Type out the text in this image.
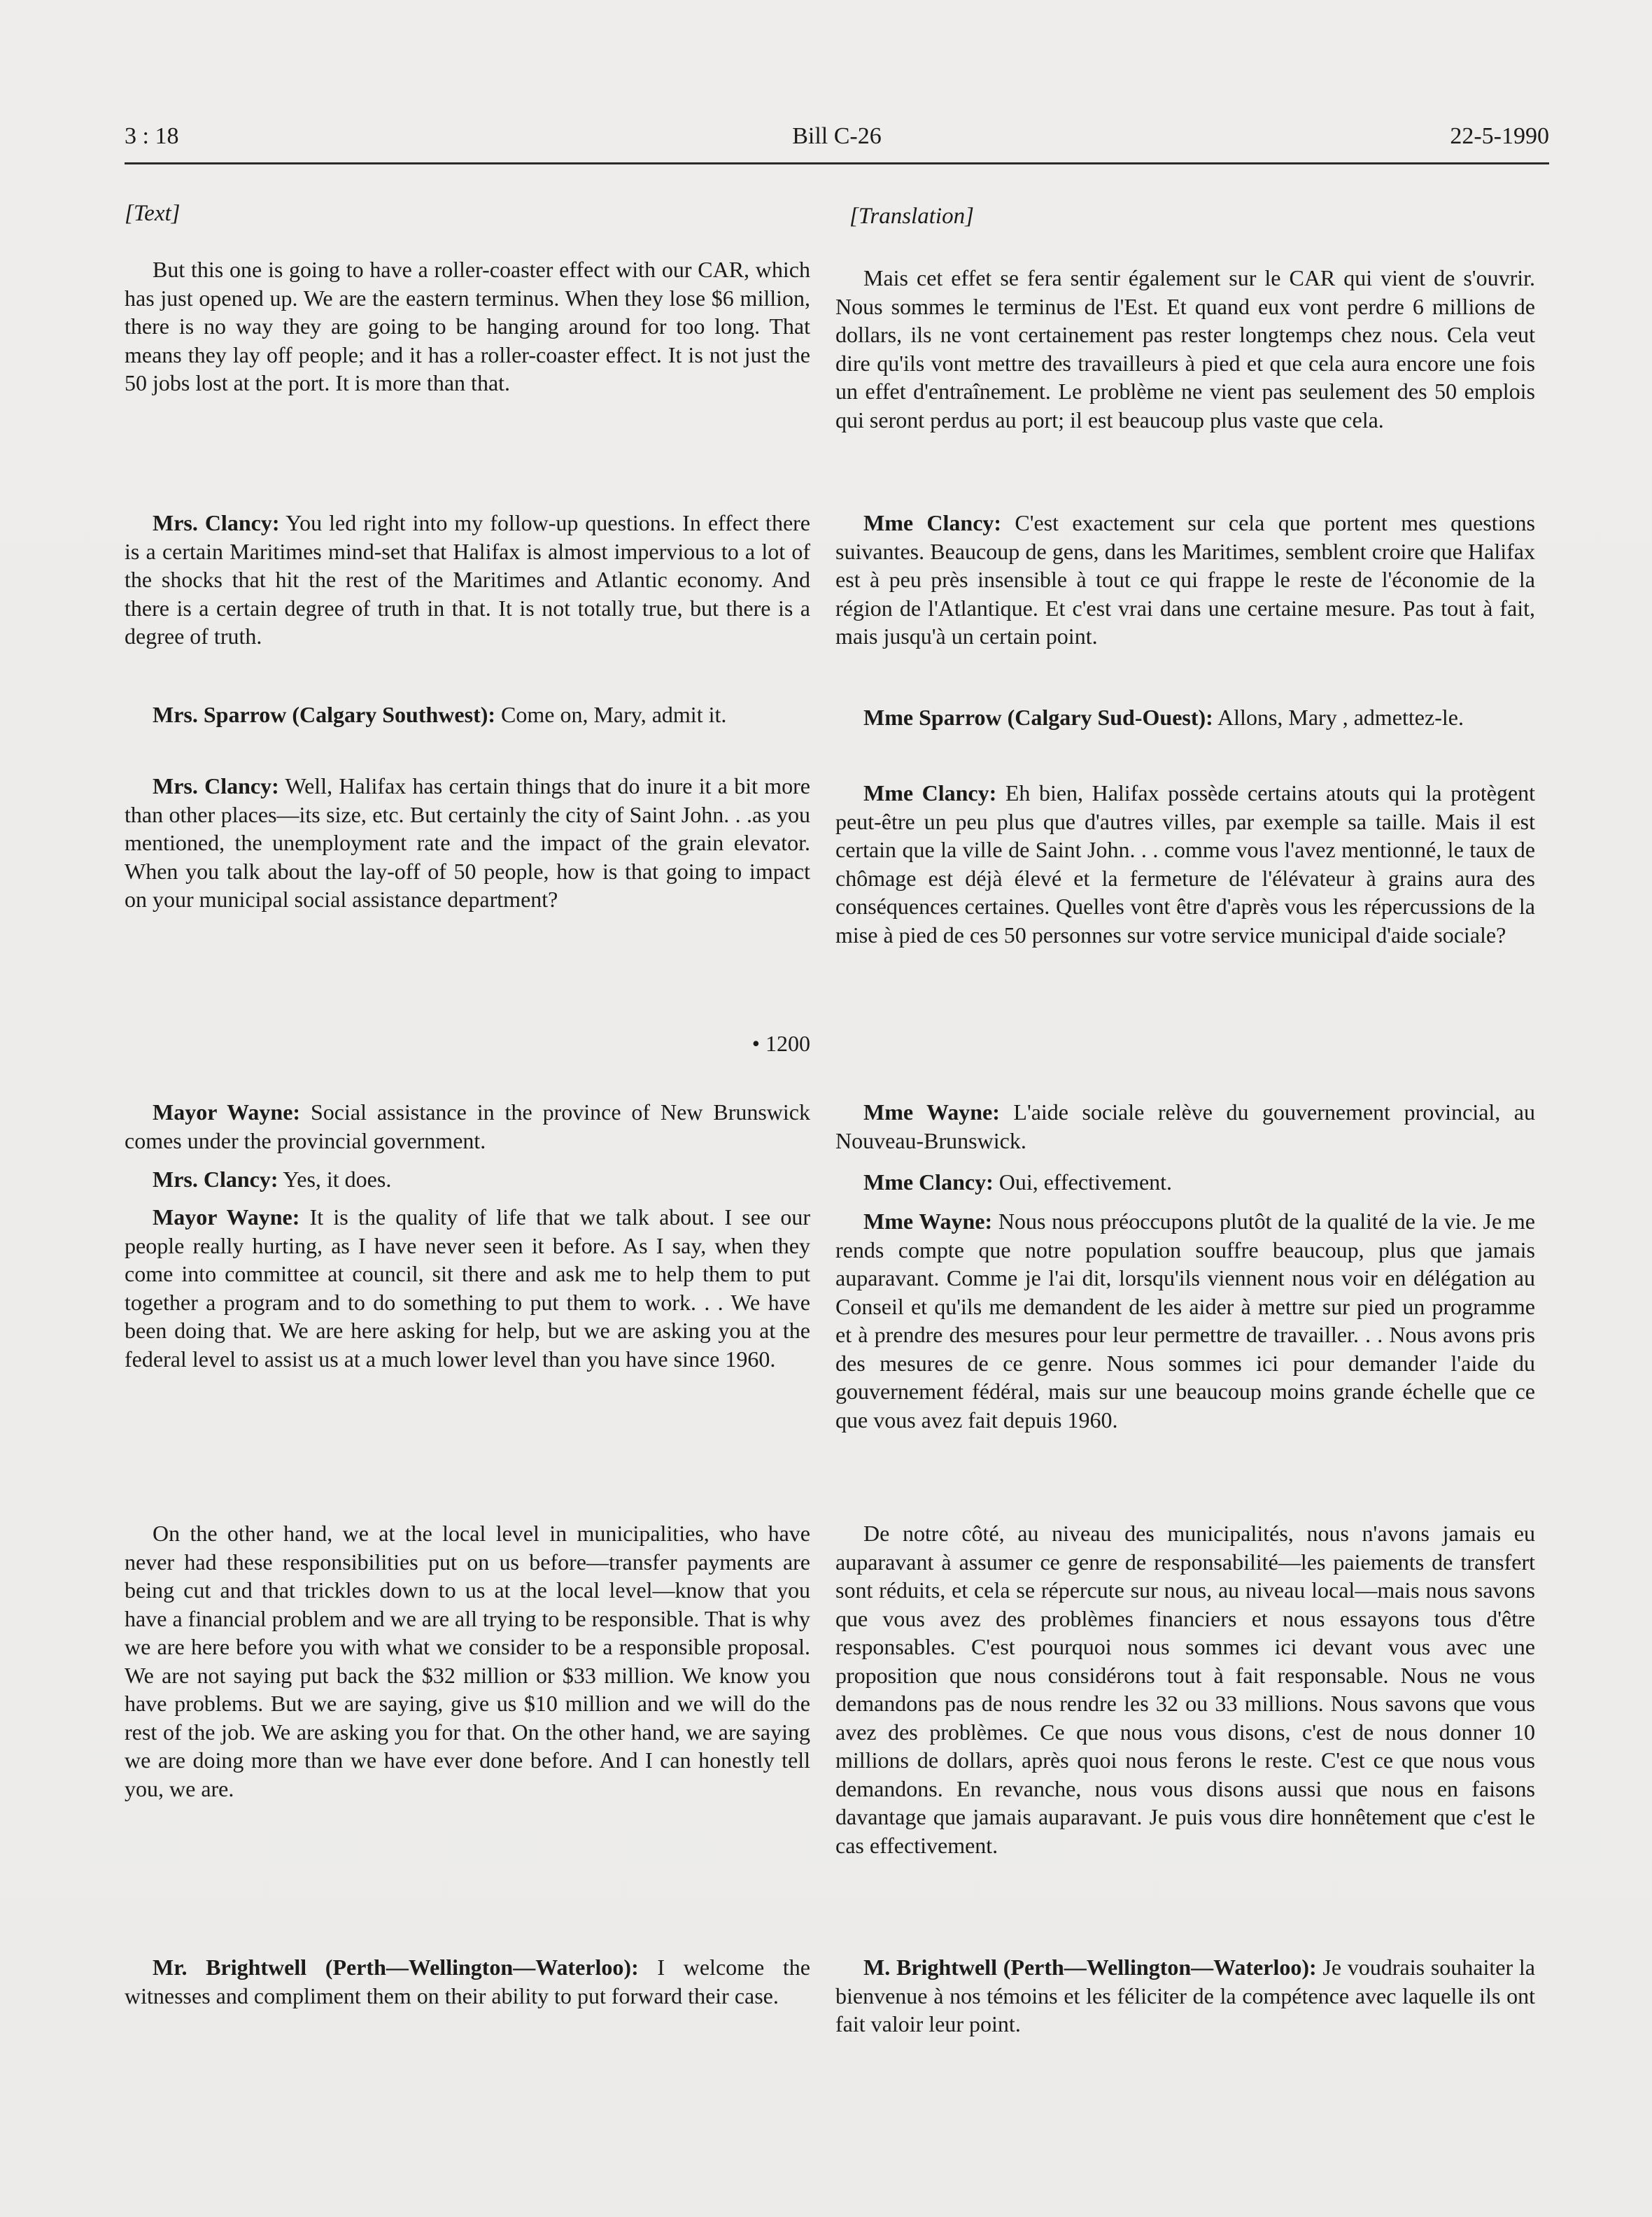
3 : 18	Bill C-26	22-5-1990
[Text]

But this one is going to have a roller-coaster effect with our CAR, which has just opened up. We are the eastern terminus. When they lose $6 million, there is no way they are going to be hanging around for too long. That means they lay off people; and it has a roller-coaster effect. It is not just the 50 jobs lost at the port. It is more than that.

Mrs. Clancy: You led right into my follow-up questions. In effect there is a certain Maritimes mind-set that Halifax is almost impervious to a lot of the shocks that hit the rest of the Maritimes and Atlantic economy. And there is a certain degree of truth in that. It is not totally true, but there is a degree of truth.

Mrs. Sparrow (Calgary Southwest): Come on, Mary, admit it.

Mrs. Clancy: Well, Halifax has certain things that do inure it a bit more than other places—its size, etc. But certainly the city of Saint John. . .as you mentioned, the unemployment rate and the impact of the grain elevator. When you talk about the lay-off of 50 people, how is that going to impact on your municipal social assistance department?

• 1200

Mayor Wayne: Social assistance in the province of New Brunswick comes under the provincial government.

Mrs. Clancy: Yes, it does.

Mayor Wayne: It is the quality of life that we talk about. I see our people really hurting, as I have never seen it before. As I say, when they come into committee at council, sit there and ask me to help them to put together a program and to do something to put them to work. . . We have been doing that. We are here asking for help, but we are asking you at the federal level to assist us at a much lower level than you have since 1960.

On the other hand, we at the local level in municipalities, who have never had these responsibilities put on us before—transfer payments are being cut and that trickles down to us at the local level—know that you have a financial problem and we are all trying to be responsible. That is why we are here before you with what we consider to be a responsible proposal. We are not saying put back the $32 million or $33 million. We know you have problems. But we are saying, give us $10 million and we will do the rest of the job. We are asking you for that. On the other hand, we are saying we are doing more than we have ever done before. And I can honestly tell you, we are.

Mr. Brightwell (Perth—Wellington—Waterloo): I welcome the witnesses and compliment them on their ability to put forward their case.

[Translation]

Mais cet effet se fera sentir également sur le CAR qui vient de s'ouvrir. Nous sommes le terminus de l'Est. Et quand eux vont perdre 6 millions de dollars, ils ne vont certainement pas rester longtemps chez nous. Cela veut dire qu'ils vont mettre des travailleurs à pied et que cela aura encore une fois un effet d'entraînement. Le problème ne vient pas seulement des 50 emplois qui seront perdus au port; il est beaucoup plus vaste que cela.

Mme Clancy: C'est exactement sur cela que portent mes questions suivantes. Beaucoup de gens, dans les Maritimes, semblent croire que Halifax est à peu près insensible à tout ce qui frappe le reste de l'économie de la région de l'Atlantique. Et c'est vrai dans une certaine mesure. Pas tout à fait, mais jusqu'à un certain point.

Mme Sparrow (Calgary Sud-Ouest): Allons, Mary , admettez-le.

Mme Clancy: Eh bien, Halifax possède certains atouts qui la protègent peut-être un peu plus que d'autres villes, par exemple sa taille. Mais il est certain que la ville de Saint John. . . comme vous l'avez mentionné, le taux de chômage est déjà élevé et la fermeture de l'élévateur à grains aura des conséquences certaines. Quelles vont être d'après vous les répercussions de la mise à pied de ces 50 personnes sur votre service municipal d'aide sociale?

Mme Wayne: L'aide sociale relève du gouvernement provincial, au Nouveau-Brunswick.

Mme Clancy: Oui, effectivement.

Mme Wayne: Nous nous préoccupons plutôt de la qualité de la vie. Je me rends compte que notre population souffre beaucoup, plus que jamais auparavant. Comme je l'ai dit, lorsqu'ils viennent nous voir en délégation au Conseil et qu'ils me demandent de les aider à mettre sur pied un programme et à prendre des mesures pour leur permettre de travailler. . . Nous avons pris des mesures de ce genre. Nous sommes ici pour demander l'aide du gouvernement fédéral, mais sur une beaucoup moins grande échelle que ce que vous avez fait depuis 1960.

De notre côté, au niveau des municipalités, nous n'avons jamais eu auparavant à assumer ce genre de responsabilité—les paiements de transfert sont réduits, et cela se répercute sur nous, au niveau local—mais nous savons que vous avez des problèmes financiers et nous essayons tous d'être responsables. C'est pourquoi nous sommes ici devant vous avec une proposition que nous considérons tout à fait responsable. Nous ne vous demandons pas de nous rendre les 32 ou 33 millions. Nous savons que vous avez des problèmes. Ce que nous vous disons, c'est de nous donner 10 millions de dollars, après quoi nous ferons le reste. C'est ce que nous vous demandons. En revanche, nous vous disons aussi que nous en faisons davantage que jamais auparavant. Je puis vous dire honnêtement que c'est le cas effectivement.

M. Brightwell (Perth—Wellington—Waterloo): Je voudrais souhaiter la bienvenue à nos témoins et les féliciter de la compétence avec laquelle ils ont fait valoir leur point.
